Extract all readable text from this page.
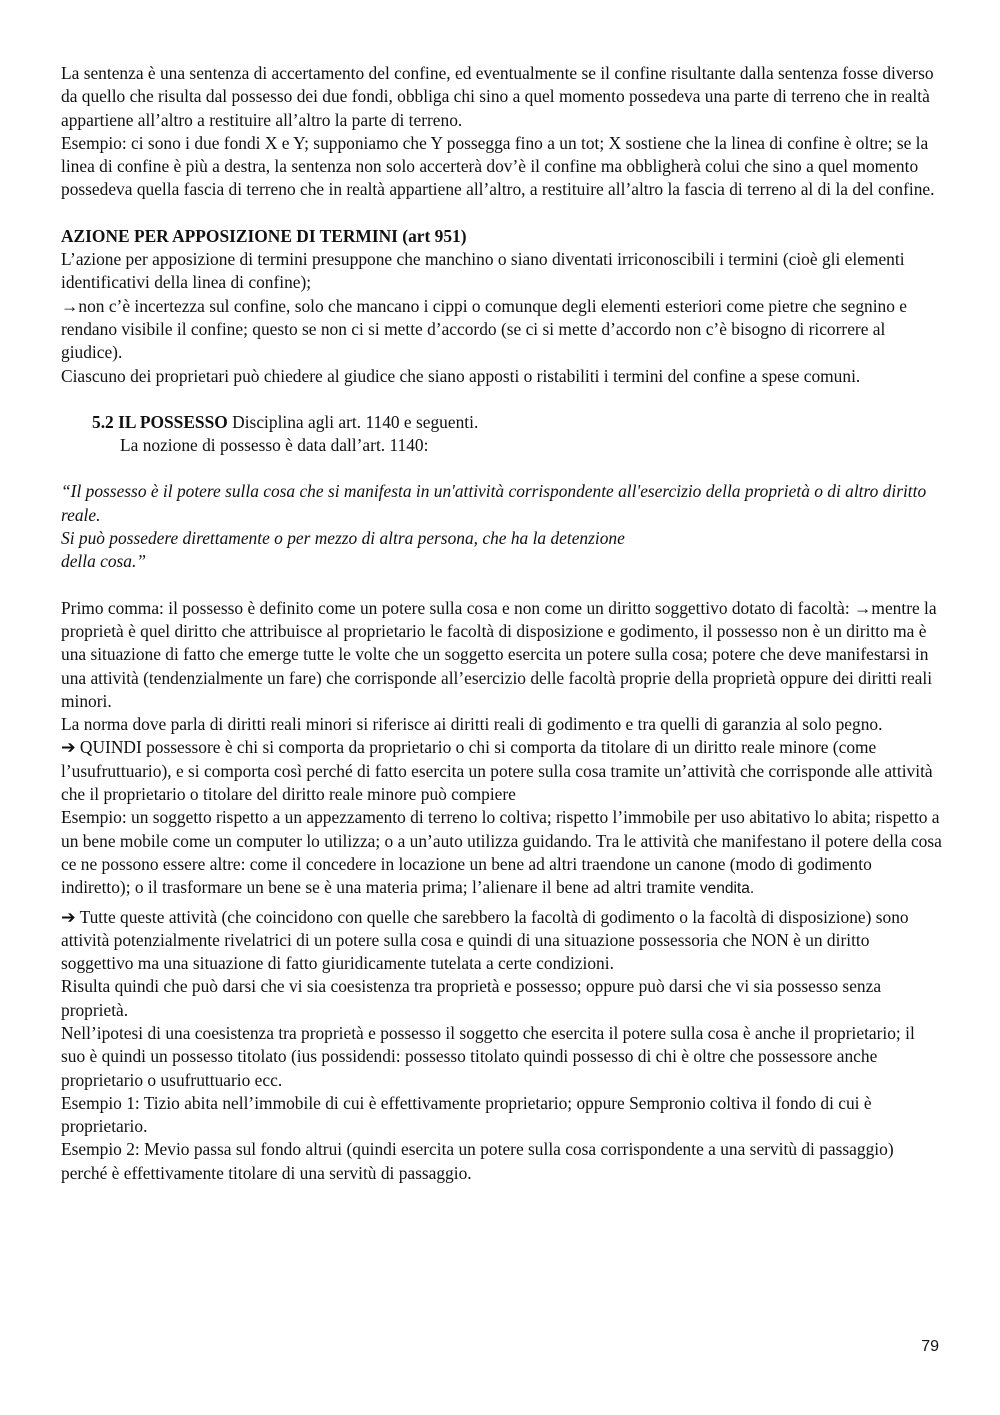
La sentenza è una sentenza di accertamento del confine, ed eventualmente se il confine risultante dalla sentenza fosse diverso da quello che risulta dal possesso dei due fondi, obbliga chi sino a quel momento possedeva una parte di terreno che in realtà appartiene all’altro a restituire all’altro la parte di terreno.

Esempio: ci sono i due fondi X e Y; supponiamo che Y possegga fino a un tot; X sostiene che la linea di confine è oltre; se la linea di confine è più a destra, la sentenza non solo accerterà dov’è il confine ma obbligherà colui che sino a quel momento possedeva quella fascia di terreno che in realtà appartiene all’altro, a restituire all’altro la fascia di terreno al di la del confine.

AZIONE PER APPOSIZIONE DI TERMINI (art 951)

L’azione per apposizione di termini presuppone che manchino o siano diventati irriconoscibili i termini (cioè gli elementi identificativi della linea di confine);

→non c’è incertezza sul confine, solo che mancano i cippi o comunque degli elementi esteriori come pietre che segnino e rendano visibile il confine; questo se non ci si mette d’accordo (se ci si mette d’accordo non c’è bisogno di ricorrere al giudice).

Ciascuno dei proprietari può chiedere al giudice che siano apposti o ristabiliti i termini del confine a spese comuni.

5.2 IL POSSESSO Disciplina agli art. 1140 e seguenti.

La nozione di possesso è data dall’art. 1140:

“Il possesso è il potere sulla cosa che si manifesta in un'attività corrispondente all'esercizio della proprietà o di altro diritto reale.

Si può possedere direttamente o per mezzo di altra persona, che ha la detenzione

della cosa.”

Primo comma: il possesso è definito come un potere sulla cosa e non come un diritto soggettivo dotato di facoltà: →mentre la proprietà è quel diritto che attribuisce al proprietario le facoltà di disposizione e godimento, il possesso non è un diritto ma è una situazione di fatto che emerge tutte le volte che un soggetto esercita un potere sulla cosa; potere che deve manifestarsi in una attività (tendenzialmente un fare) che corrisponde all’esercizio delle facoltà proprie della proprietà oppure dei diritti reali minori.

La norma dove parla di diritti reali minori si riferisce ai diritti reali di godimento e tra quelli di garanzia al solo pegno.

➔ QUINDI possessore è chi si comporta da proprietario o chi si comporta da titolare di un diritto reale minore (come l’usufruttuario), e si comporta così perché di fatto esercita un potere sulla cosa tramite un’attività che corrisponde alle attività che il proprietario o titolare del diritto reale minore può compiere

Esempio: un soggetto rispetto a un appezzamento di terreno lo coltiva; rispetto l’immobile per uso abitativo lo abita; rispetto a un bene mobile come un computer lo utilizza; o a un’auto utilizza guidando. Tra le attività che manifestano il potere della cosa ce ne possono essere altre: come il concedere in locazione un bene ad altri traendone un canone (modo di godimento indiretto); o il trasformare un bene se è una materia prima; l’alienare il bene ad altri tramite vendita.

➔ Tutte queste attività (che coincidono con quelle che sarebbero la facoltà di godimento o la facoltà di disposizione) sono attività potenzialmente rivelatrici di un potere sulla cosa e quindi di una situazione possessoria che NON è un diritto soggettivo ma una situazione di fatto giuridicamente tutelata a certe condizioni.

Risulta quindi che può darsi che vi sia coesistenza tra proprietà e possesso; oppure può darsi che vi sia possesso senza proprietà.

Nell’ipotesi di una coesistenza tra proprietà e possesso il soggetto che esercita il potere sulla cosa è anche il proprietario; il suo è quindi un possesso titolato (ius possidendi: possesso titolato quindi possesso di chi è oltre che possessore anche proprietario o usufruttuario ecc.

Esempio 1: Tizio abita nell’immobile di cui è effettivamente proprietario; oppure Sempronio coltiva il fondo di cui è proprietario.

Esempio 2: Mevio passa sul fondo altrui (quindi esercita un potere sulla cosa corrispondente a una servitù di passaggio) perché è effettivamente titolare di una servitù di passaggio.

79
